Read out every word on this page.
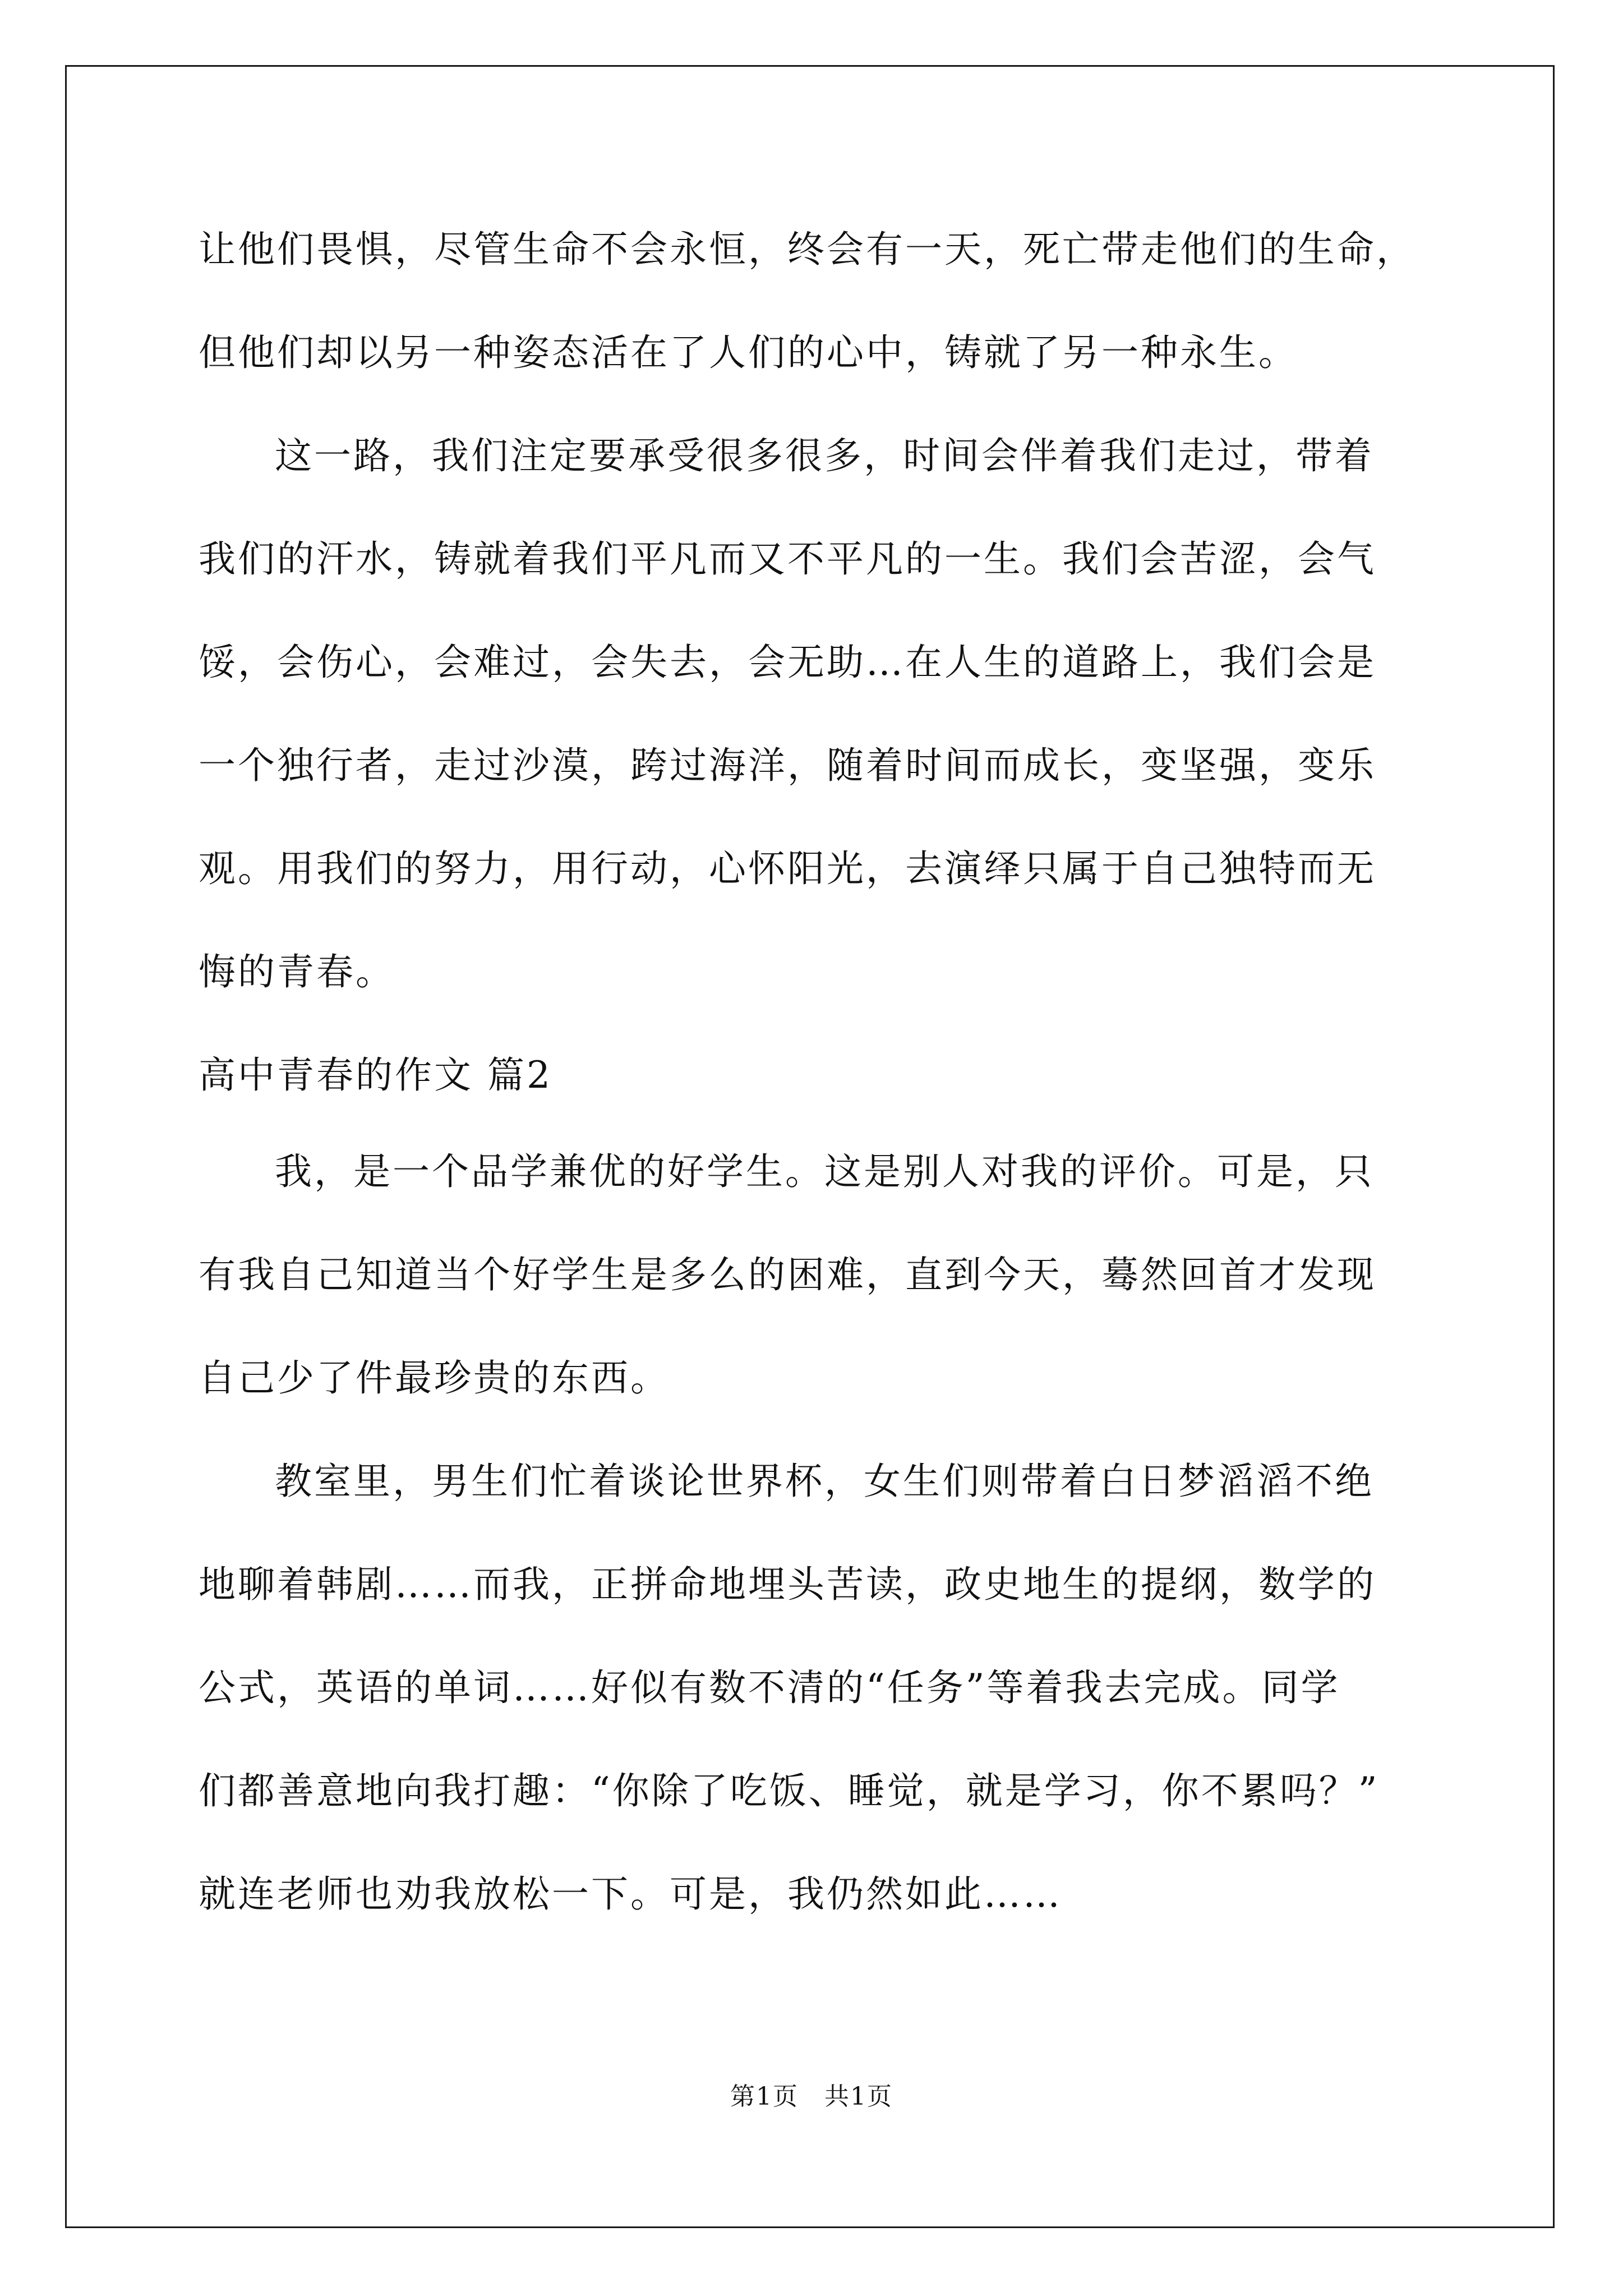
让他们畏惧，尽管生命不会永恒，终会有一天，死亡带走他们的生命，
但他们却以另一种姿态活在了人们的心中，铸就了另一种永生。
这一路，我们注定要承受很多很多，时间会伴着我们走过，带着
我们的汗水，铸就着我们平凡而又不平凡的一生。我们会苦涩，会气
馁，会伤心，会难过，会失去，会无助…在人生的道路上，我们会是
一个独行者，走过沙漠，跨过海洋，随着时间而成长，变坚强，变乐
观。用我们的努力，用行动，心怀阳光，去演绎只属于自己独特而无
悔的青春。
高中青春的作文 篇2
我，是一个品学兼优的好学生。这是别人对我的评价。可是，只
有我自己知道当个好学生是多么的困难，直到今天，蓦然回首才发现
自己少了件最珍贵的东西。
教室里，男生们忙着谈论世界杯，女生们则带着白日梦滔滔不绝
地聊着韩剧……而我，正拼命地埋头苦读，政史地生的提纲，数学的
公式，英语的单词……好似有数不清的“任务”等着我去完成。同学
们都善意地向我打趣：“你除了吃饭、睡觉，就是学习，你不累吗？”
就连老师也劝我放松一下。可是，我仍然如此……
第1页　共1页
